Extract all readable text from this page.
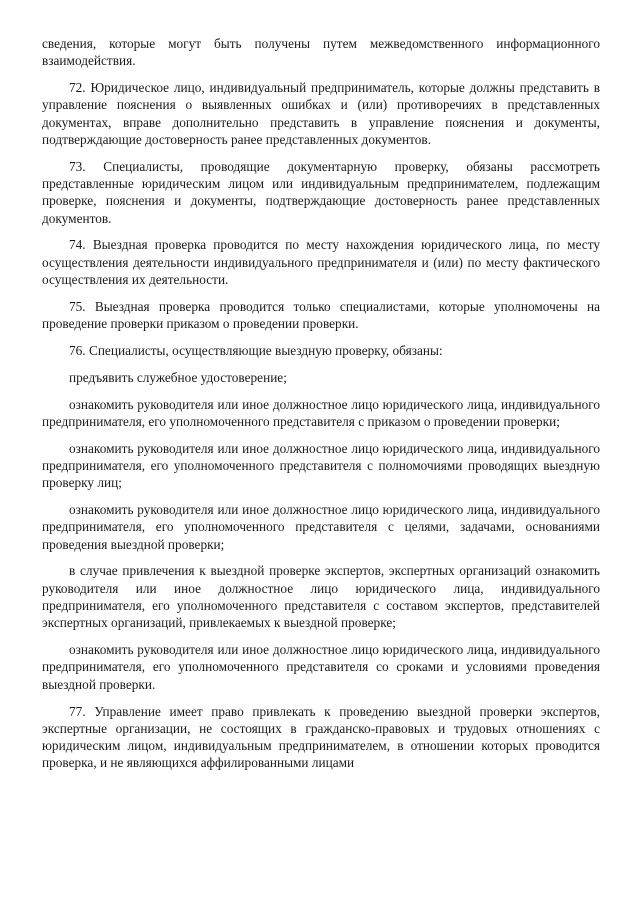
сведения, которые могут быть получены путем межведомственного информационного взаимодействия.

72. Юридическое лицо, индивидуальный предприниматель, которые должны представить в управление пояснения о выявленных ошибках и (или) противоречиях в представленных документах, вправе дополнительно представить в управление пояснения и документы, подтверждающие достоверность ранее представленных документов.

73. Специалисты, проводящие документарную проверку, обязаны рассмотреть представленные юридическим лицом или индивидуальным предпринимателем, подлежащим проверке, пояснения и документы, подтверждающие достоверность ранее представленных документов.

74. Выездная проверка проводится по месту нахождения юридического лица, по месту осуществления деятельности индивидуального предпринимателя и (или) по месту фактического осуществления их деятельности.

75. Выездная проверка проводится только специалистами, которые уполномочены на проведение проверки приказом о проведении проверки.

76. Специалисты, осуществляющие выездную проверку, обязаны:

предъявить служебное удостоверение;

ознакомить руководителя или иное должностное лицо юридического лица, индивидуального предпринимателя, его уполномоченного представителя с приказом о проведении проверки;

ознакомить руководителя или иное должностное лицо юридического лица, индивидуального предпринимателя, его уполномоченного представителя с полномочиями проводящих выездную проверку лиц;

ознакомить руководителя или иное должностное лицо юридического лица, индивидуального предпринимателя, его уполномоченного представителя с целями, задачами, основаниями проведения выездной проверки;

в случае привлечения к выездной проверке экспертов, экспертных организаций ознакомить руководителя или иное должностное лицо юридического лица, индивидуального предпринимателя, его уполномоченного представителя с составом экспертов, представителей экспертных организаций, привлекаемых к выездной проверке;

ознакомить руководителя или иное должностное лицо юридического лица, индивидуального предпринимателя, его уполномоченного представителя со сроками и условиями проведения выездной проверки.

77. Управление имеет право привлекать к проведению выездной проверки экспертов, экспертные организации, не состоящих в гражданско-правовых и трудовых отношениях с юридическим лицом, индивидуальным предпринимателем, в отношении которых проводится проверка, и не являющихся аффилированными лицами
